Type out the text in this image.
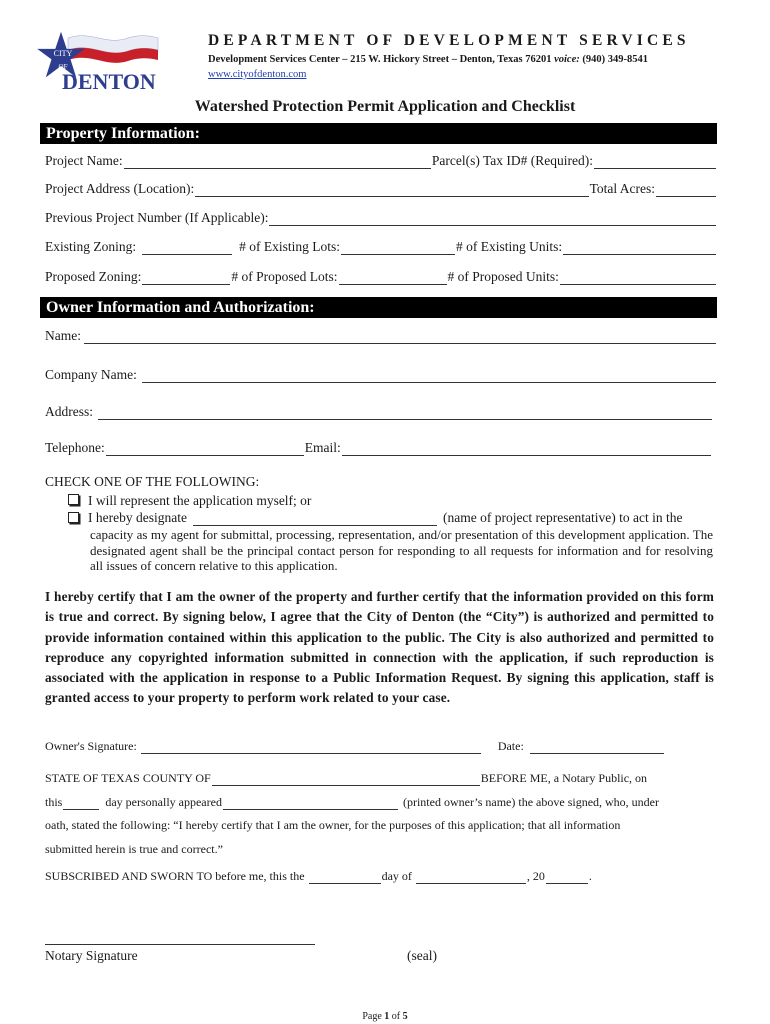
CITY
OF
DENTON
DEPARTMENT OF DEVELOPMENT SERVICES
Development Services Center – 215 W. Hickory Street – Denton, Texas 76201 voice: (940) 349-8541
www.cityofdenton.com
Watershed Protection Permit Application and Checklist
Property Information:
Project Name:	Parcel(s) Tax ID# (Required):
Project Address (Location):	Total Acres:
Previous Project Number (If Applicable):
Existing Zoning:	# of Existing Lots:	# of Existing Units:
Proposed Zoning:	# of Proposed Lots:	# of Proposed Units:
Owner Information and Authorization:
Name:
Company Name:
Address:
Telephone:	Email:
CHECK ONE OF THE FOLLOWING:
I will represent the application myself; or
I hereby designate	(name of project representative) to act in the
capacity as my agent for submittal, processing, representation, and/or presentation of this development application. The designated agent shall be the principal contact person for responding to all requests for information and for resolving all issues of concern relative to this application.
I hereby certify that I am the owner of the property and further certify that the information provided on this form is true and correct. By signing below, I agree that the City of Denton (the “City”) is authorized and permitted to provide information contained within this application to the public. The City is also authorized and permitted to reproduce any copyrighted information submitted in connection with the application, if such reproduction is associated with the application in response to a Public Information Request. By signing this application, staff is granted access to your property to perform work related to your case.
Owner's Signature:	Date:
STATE OF TEXAS COUNTY OF	BEFORE ME, a Notary Public, on
this	day personally appeared	(printed owner’s name) the above signed, who, under
oath, stated the following: “I hereby certify that I am the owner, for the purposes of this application; that all information
submitted herein is true and correct.”
SUBSCRIBED AND SWORN TO before me, this the	day of	, 20	.
Notary Signature	(seal)
Page 1 of 5
